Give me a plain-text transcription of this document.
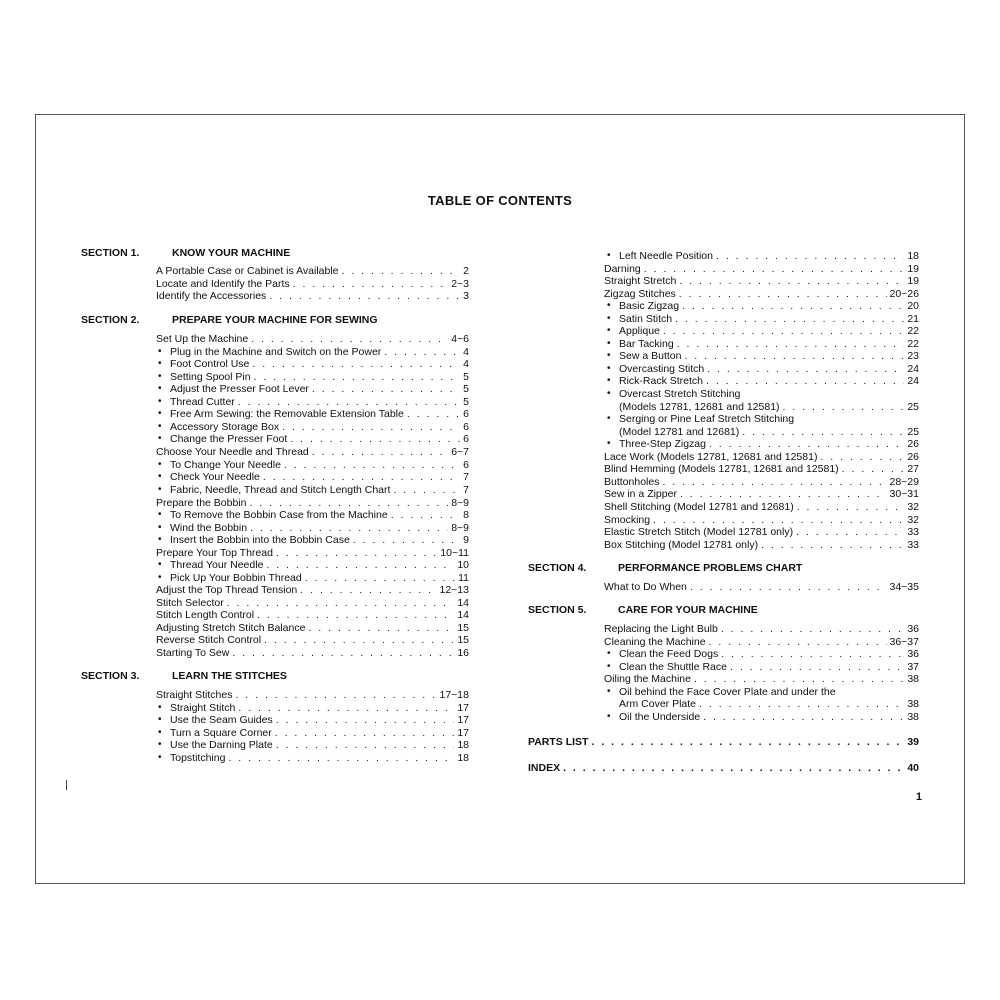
TABLE OF CONTENTS
SECTION 1.	KNOW YOUR MACHINE
SECTION 2.	PREPARE YOUR MACHINE FOR SEWING
SECTION 3.	LEARN THE STITCHES
SECTION 4.	PERFORMANCE PROBLEMS CHART
SECTION 5.	CARE FOR YOUR MACHINE
A Portable Case or Cabinet is Available . . .	2
Locate and Identify the Parts . . .	2~3
Identify the Accessories . . .	3
Set Up the Machine . . .	4~6
• Plug in the Machine and Switch on the Power . . .	4
• Foot Control Use . . .	4
• Setting Spool Pin . . .	5
• Adjust the Presser Foot Lever . . .	5
• Thread Cutter . . .	5
• Free Arm Sewing: the Removable Extension Table . . .	6
• Accessory Storage Box . . .	6
• Change the Presser Foot . . .	6
Choose Your Needle and Thread . . .	6~7
• To Change Your Needle . . .	6
• Check Your Needle . . .	7
• Fabric, Needle, Thread and Stitch Length Chart . . .	7
Prepare the Bobbin . . .	8~9
• To Remove the Bobbin Case from the Machine . . .	8
• Wind the Bobbin . . .	8~9
• Insert the Bobbin into the Bobbin Case . . .	9
Prepare Your Top Thread . . .	10~11
• Thread Your Needle . . .	10
• Pick Up Your Bobbin Thread . . .	11
Adjust the Top Thread Tension . . .	12~13
Stitch Selector . . .	14
Stitch Length Control . . .	14
Adjusting Stretch Stitch Balance . . .	15
Reverse Stitch Control . . .	15
Starting To Sew . . .	16
Straight Stitches . . .	17~18
• Straight Stitch . . .	17
• Use the Seam Guides . . .	17
• Turn a Square Corner . . .	17
• Use the Darning Plate . . .	18
• Topstitching . . .	18
• Left Needle Position . . .	18
Darning . . .	19
Straight Stretch . . .	19
Zigzag Stitches . . .	20~26
• Basic Zigzag . . .	20
• Satin Stitch . . .	21
• Applique . . .	22
• Bar Tacking . . .	22
• Sew a Button . . .	23
• Overcasting Stitch . . .	24
• Rick-Rack Stretch . . .	24
• Overcast Stretch Stitching
(Models 12781, 12681 and 12581) . . .	25
• Serging or Pine Leaf Stretch Stitching
(Model 12781 and 12681) . . .	25
• Three-Step Zigzag . . .	26
Lace Work (Models 12781, 12681 and 12581) . . .	26
Blind Hemming (Models 12781, 12681 and 12581) . . .	27
Buttonholes . . .	28~29
Sew in a Zipper . . .	30~31
Shell Stitching (Model 12781 and 12681) . . .	32
Smocking . . .	32
Elastic Stretch Stitch (Model 12781 only) . . .	33
Box Stitching (Model 12781 only) . . .	33
What to Do When . . .	34~35
Replacing the Light Bulb . . .	36
Cleaning the Machine . . .	36~37
• Clean the Feed Dogs . . .	36
• Clean the Shuttle Race . . .	37
Oiling the Machine . . .	38
• Oil behind the Face Cover Plate and under the
Arm Cover Plate . . .	38
• Oil the Underside . . .	38
PARTS LIST . . .	39
INDEX . . .	40
1
